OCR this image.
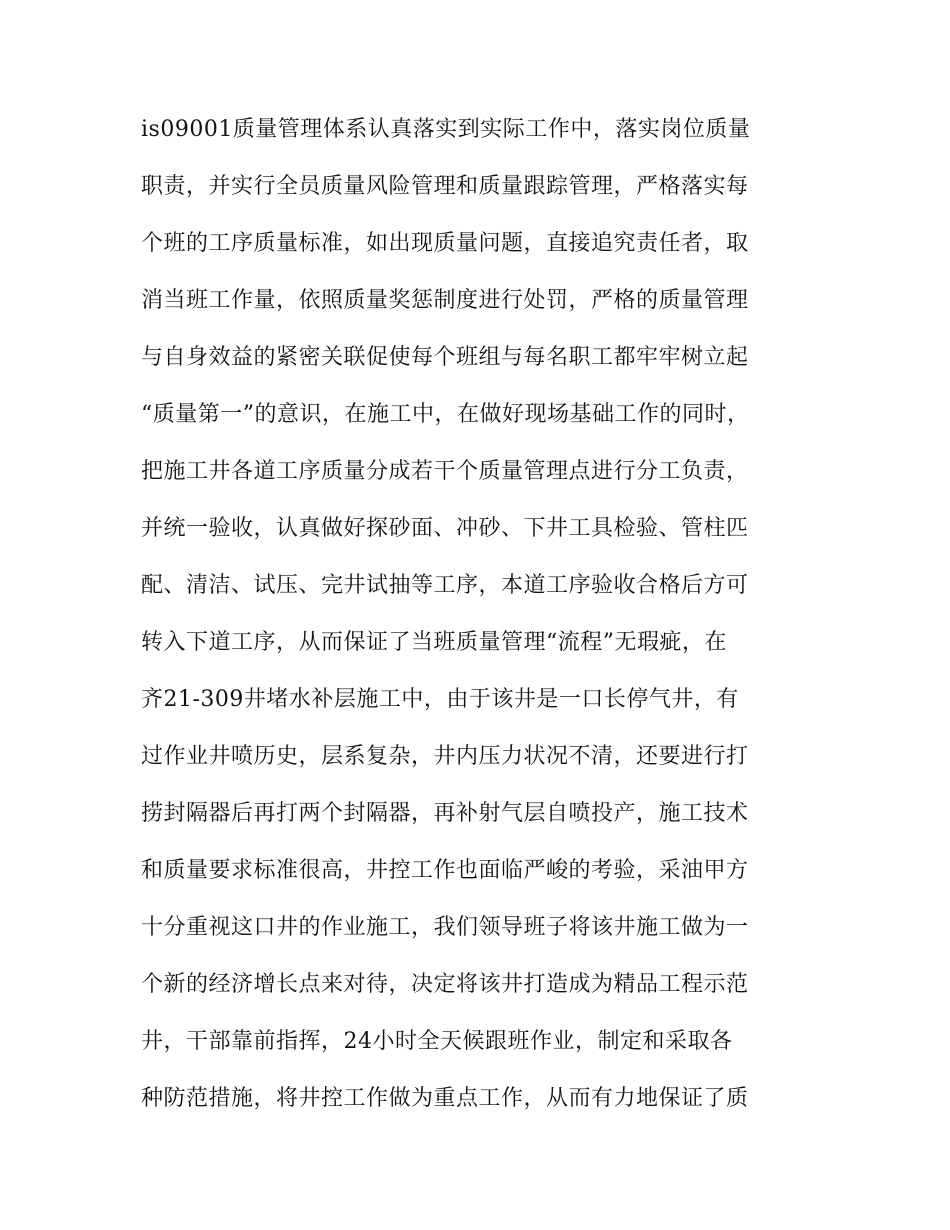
is09001质量管理体系认真落实到实际工作中，落实岗位质量
职责，并实行全员质量风险管理和质量跟踪管理，严格落实每
个班的工序质量标准，如出现质量问题，直接追究责任者，取
消当班工作量，依照质量奖惩制度进行处罚，严格的质量管理
与自身效益的紧密关联促使每个班组与每名职工都牢牢树立起
“质量第一”的意识，在施工中，在做好现场基础工作的同时，
把施工井各道工序质量分成若干个质量管理点进行分工负责，
并统一验收，认真做好探砂面、冲砂、下井工具检验、管柱匹
配、清洁、试压、完井试抽等工序，本道工序验收合格后方可
转入下道工序，从而保证了当班质量管理“流程”无瑕疵，在
齐21-309井堵水补层施工中，由于该井是一口长停气井，有
过作业井喷历史，层系复杂，井内压力状况不清，还要进行打
捞封隔器后再打两个封隔器，再补射气层自喷投产，施工技术
和质量要求标准很高，井控工作也面临严峻的考验，采油甲方
十分重视这口井的作业施工，我们领导班子将该井施工做为一
个新的经济增长点来对待，决定将该井打造成为精品工程示范
井，干部靠前指挥，24小时全天候跟班作业，制定和采取各
种防范措施，将井控工作做为重点工作，从而有力地保证了质
